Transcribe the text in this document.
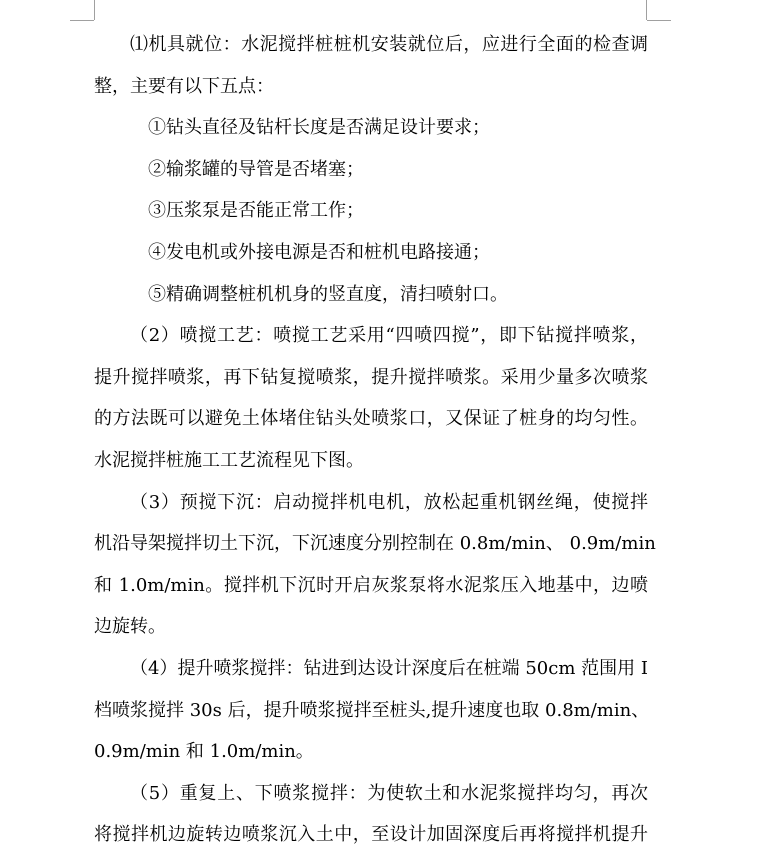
⑴机具就位：水泥搅拌桩桩机安装就位后，应进行全面的检查调
整，主要有以下五点：
①钻头直径及钻杆长度是否满足设计要求；
②输浆罐的导管是否堵塞；
③压浆泵是否能正常工作；
④发电机或外接电源是否和桩机电路接通；
⑤精确调整桩机机身的竖直度，清扫喷射口。
（2）喷搅工艺：喷搅工艺采用“四喷四搅”，即下钻搅拌喷浆，
提升搅拌喷浆，再下钻复搅喷浆，提升搅拌喷浆。采用少量多次喷浆
的方法既可以避免土体堵住钻头处喷浆口，又保证了桩身的均匀性。
水泥搅拌桩施工工艺流程见下图。
（3）预搅下沉：启动搅拌机电机，放松起重机钢丝绳，使搅拌
机沿导架搅拌切土下沉，下沉速度分别控制在 0.8m/min、 0.9m/min
和 1.0m/min。搅拌机下沉时开启灰浆泵将水泥浆压入地基中，边喷
边旋转。
（4）提升喷浆搅拌：钻进到达设计深度后在桩端 50cm 范围用 I
档喷浆搅拌 30s 后，提升喷浆搅拌至桩头,提升速度也取 0.8m/min、
0.9m/min 和 1.0m/min。
（5）重复上、下喷浆搅拌：为使软土和水泥浆搅拌均匀，再次
将搅拌机边旋转边喷浆沉入土中，至设计加固深度后再将搅拌机提升
